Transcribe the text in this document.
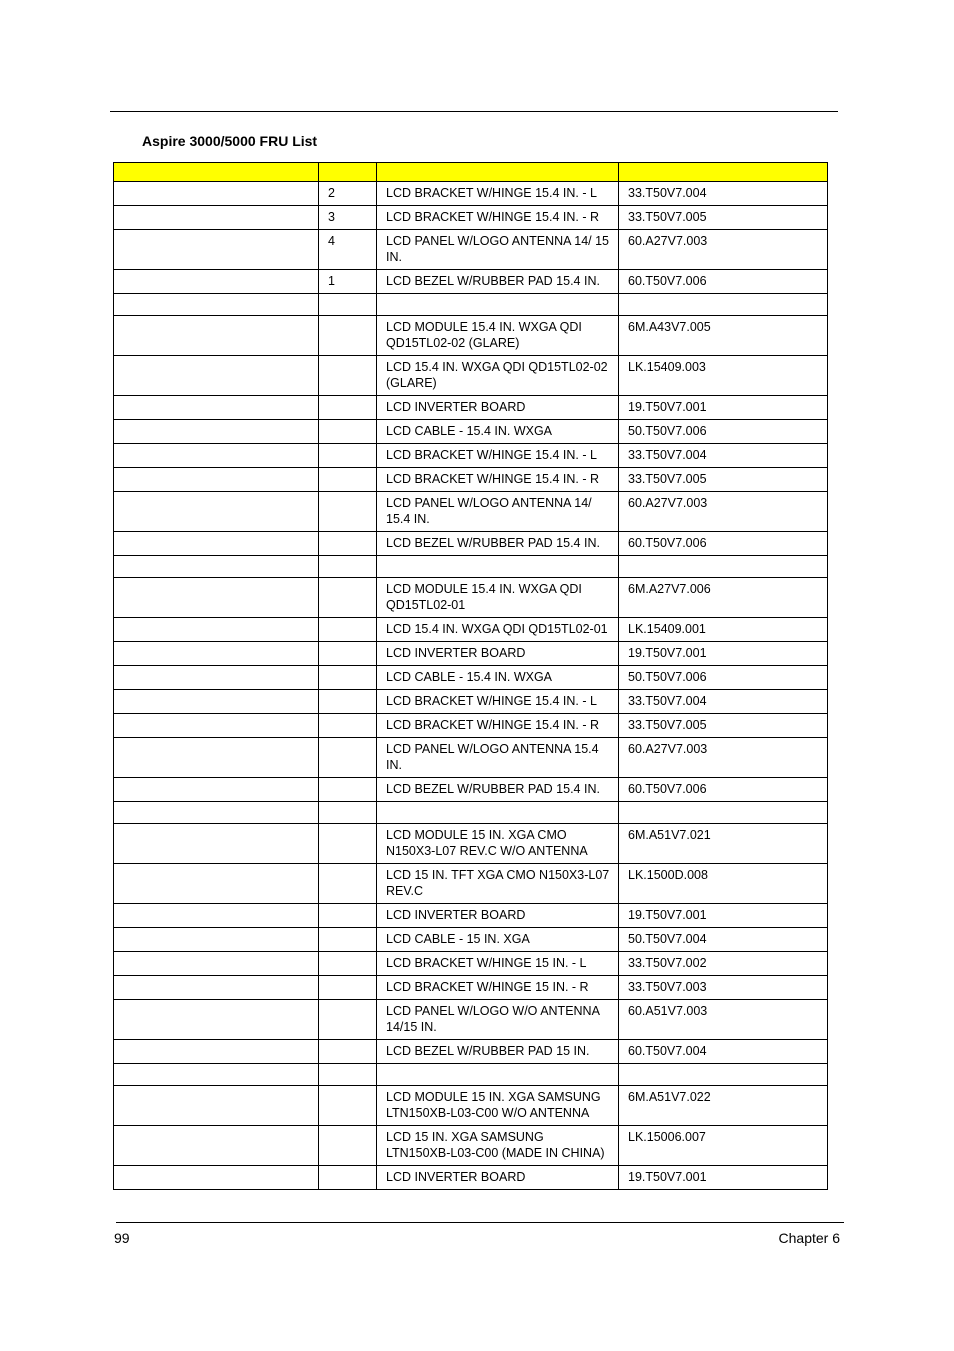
Aspire 3000/5000 FRU List

	2	LCD BRACKET W/HINGE 15.4 IN. - L	33.T50V7.004
	3	LCD BRACKET W/HINGE 15.4 IN. - R	33.T50V7.005
	4	LCD PANEL W/LOGO ANTENNA 14/ 15 IN.	60.A27V7.003
	1	LCD BEZEL W/RUBBER PAD 15.4 IN.	60.T50V7.006

		LCD MODULE 15.4 IN. WXGA QDI QD15TL02-02 (GLARE)	6M.A43V7.005
		LCD 15.4 IN. WXGA QDI QD15TL02-02 (GLARE)	LK.15409.003
		LCD INVERTER BOARD	19.T50V7.001
		LCD CABLE - 15.4 IN. WXGA	50.T50V7.006
		LCD BRACKET W/HINGE 15.4 IN. - L	33.T50V7.004
		LCD BRACKET W/HINGE 15.4 IN. - R	33.T50V7.005
		LCD PANEL W/LOGO ANTENNA 14/ 15.4 IN.	60.A27V7.003
		LCD BEZEL W/RUBBER PAD 15.4 IN.	60.T50V7.006

		LCD MODULE 15.4 IN. WXGA QDI QD15TL02-01	6M.A27V7.006
		LCD 15.4 IN. WXGA QDI QD15TL02-01	LK.15409.001
		LCD INVERTER BOARD	19.T50V7.001
		LCD CABLE - 15.4 IN. WXGA	50.T50V7.006
		LCD BRACKET W/HINGE 15.4 IN. - L	33.T50V7.004
		LCD BRACKET W/HINGE 15.4 IN. - R	33.T50V7.005
		LCD PANEL W/LOGO ANTENNA 15.4 IN.	60.A27V7.003
		LCD BEZEL W/RUBBER PAD 15.4 IN.	60.T50V7.006

		LCD MODULE 15 IN. XGA CMO N150X3-L07 REV.C W/O ANTENNA	6M.A51V7.021
		LCD 15 IN. TFT XGA CMO N150X3-L07 REV.C	LK.1500D.008
		LCD INVERTER BOARD	19.T50V7.001
		LCD CABLE - 15 IN. XGA	50.T50V7.004
		LCD BRACKET W/HINGE 15 IN. - L	33.T50V7.002
		LCD BRACKET W/HINGE 15 IN. - R	33.T50V7.003
		LCD PANEL W/LOGO W/O ANTENNA 14/15 IN.	60.A51V7.003
		LCD BEZEL W/RUBBER PAD 15 IN.	60.T50V7.004

		LCD MODULE 15 IN. XGA SAMSUNG LTN150XB-L03-C00 W/O ANTENNA	6M.A51V7.022
		LCD 15 IN. XGA SAMSUNG LTN150XB-L03-C00 (MADE IN CHINA)	LK.15006.007
		LCD INVERTER BOARD	19.T50V7.001
99	Chapter 6
